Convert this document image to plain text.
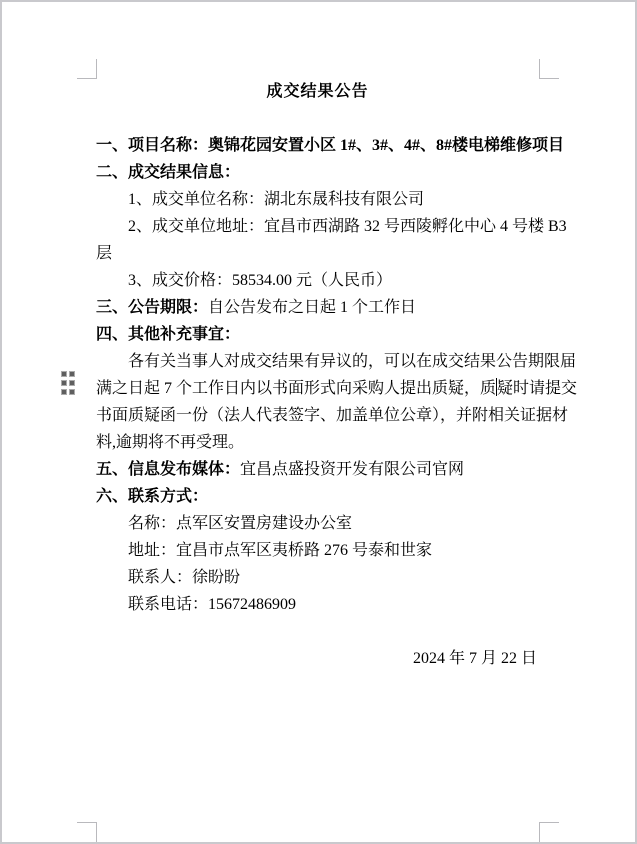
成交结果公告
一、项目名称：奥锦花园安置小区 1#、3#、4#、8#楼电梯维修项目
二、成交结果信息：
1、成交单位名称：湖北东晟科技有限公司
2、成交单位地址：宜昌市西湖路 32 号西陵孵化中心 4 号楼 B3
层
3、成交价格：58534.00 元（人民币）
三、公告期限：自公告发布之日起 1 个工作日
四、其他补充事宜：
各有关当事人对成交结果有异议的，可以在成交结果公告期限届
满之日起 7 个工作日内以书面形式向采购人提出质疑，质疑时请提交
书面质疑函一份（法人代表签字、加盖单位公章），并附相关证据材
料,逾期将不再受理。
五、信息发布媒体：宜昌点盛投资开发有限公司官网
六、联系方式：
名称：点军区安置房建设办公室
地址：宜昌市点军区夷桥路 276 号泰和世家
联系人：徐盼盼
联系电话：15672486909
2024 年 7 月 22 日
